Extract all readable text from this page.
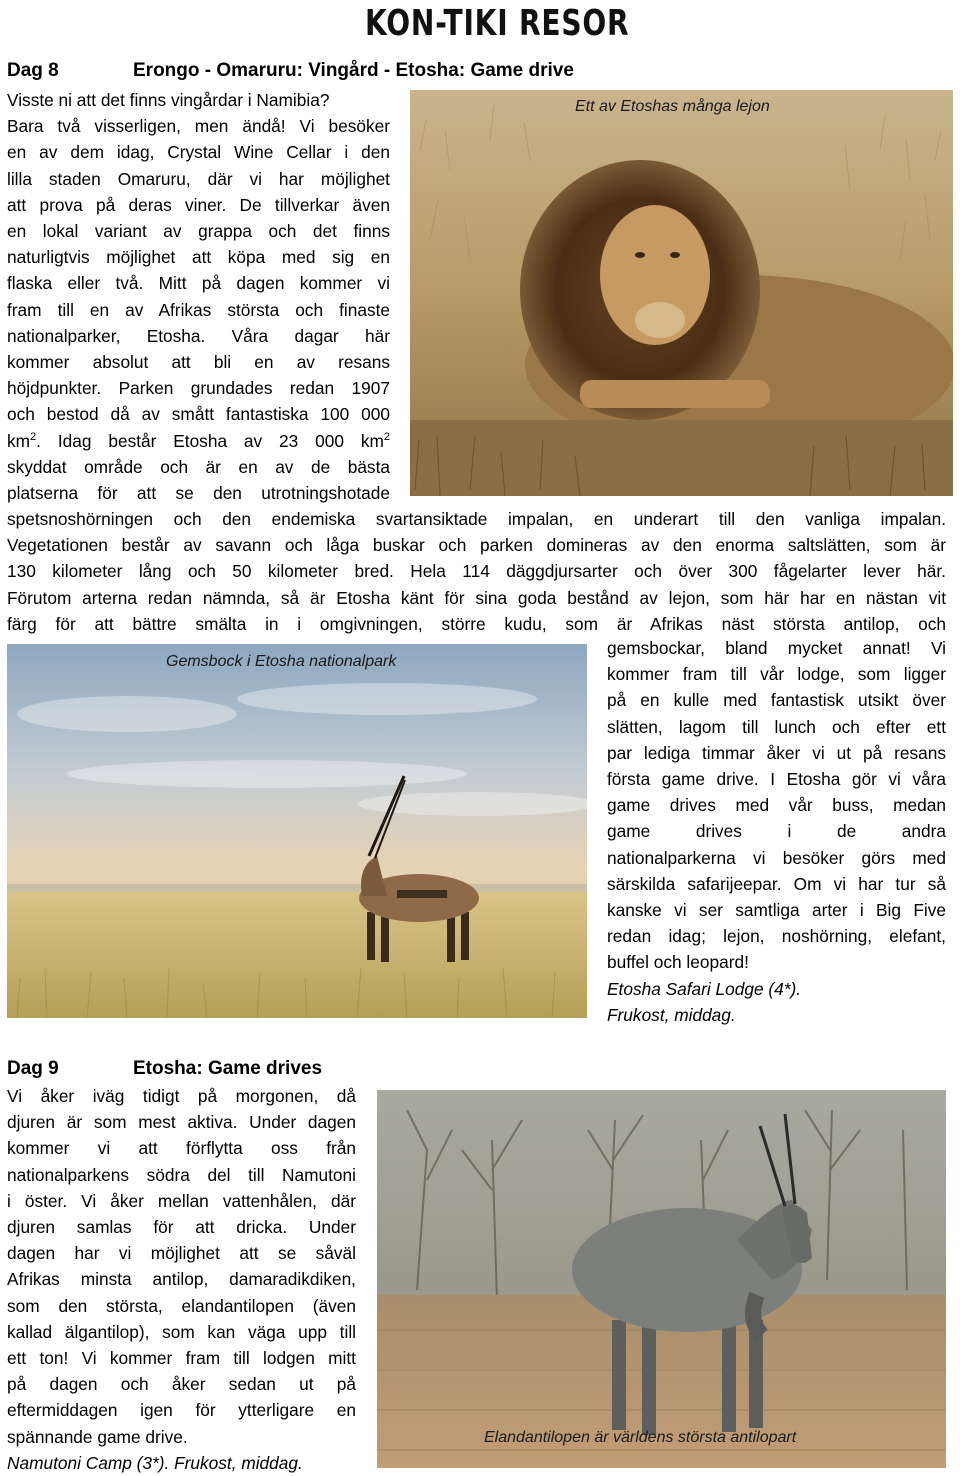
KON-TIKI RESOR
Dag 8	Erongo - Omaruru: Vingård - Etosha: Game drive
Ett av Etoshas många lejon
Visste ni att det finns vingårdar i Namibia?
Bara två visserligen, men ändå! Vi besöker
en av dem idag, Crystal Wine Cellar i den
lilla staden Omaruru, där vi har möjlighet
att prova på deras viner. De tillverkar även
en lokal variant av grappa och det finns
naturligtvis möjlighet att köpa med sig en
flaska eller två. Mitt på dagen kommer vi
fram till en av Afrikas största och finaste
nationalparker, Etosha. Våra dagar här
kommer absolut att bli en av resans
höjdpunkter. Parken grundades redan 1907
och bestod då av smått fantastiska 100 000
$km^2$. Idag består Etosha av 23 000 $km^2$
skyddat område och är en av de bästa
platserna för att se den utrotningshotade
spetsnoshörningen och den endemiska svartansiktade impalan, en underart till den vanliga impalan.
Vegetationen består av savann och låga buskar och parken domineras av den enorma saltslätten, som är
130 kilometer lång och 50 kilometer bred. Hela 114 däggdjursarter och över 300 fågelarter lever här.
Förutom arterna redan nämnda, så är Etosha känt för sina goda bestånd av lejon, som här har en nästan vit
färg för att bättre smälta in i omgivningen, större kudu, som är Afrikas näst största antilop, och
Gemsbock i Etosha nationalpark
gemsbockar, bland mycket annat! Vi
kommer fram till vår lodge, som ligger
på en kulle med fantastisk utsikt över
slätten, lagom till lunch och efter ett
par lediga timmar åker vi ut på resans
första game drive. I Etosha gör vi våra
game drives med vår buss, medan
game drives i de andra
nationalparkerna vi besöker görs med
särskilda safarijeepar. Om vi har tur så
kanske vi ser samtliga arter i Big Five
redan idag; lejon, noshörning, elefant,
buffel och leopard!
Etosha Safari Lodge (4*).
Frukost, middag.
Dag 9	Etosha: Game drives
Vi åker iväg tidigt på morgonen, då
djuren är som mest aktiva. Under dagen
kommer vi att förflytta oss från
nationalparkens södra del till Namutoni
i öster. Vi åker mellan vattenhålen, där
djuren samlas för att dricka. Under
dagen har vi möjlighet att se såväl
Afrikas minsta antilop, damaradikdiken,
som den största, elandantilopen (även
kallad älgantilop), som kan väga upp till
ett ton! Vi kommer fram till lodgen mitt
på dagen och åker sedan ut på
eftermiddagen igen för ytterligare en
spännande game drive.
Namutoni Camp (3*). Frukost, middag.
Elandantilopen är världens största antilopart
